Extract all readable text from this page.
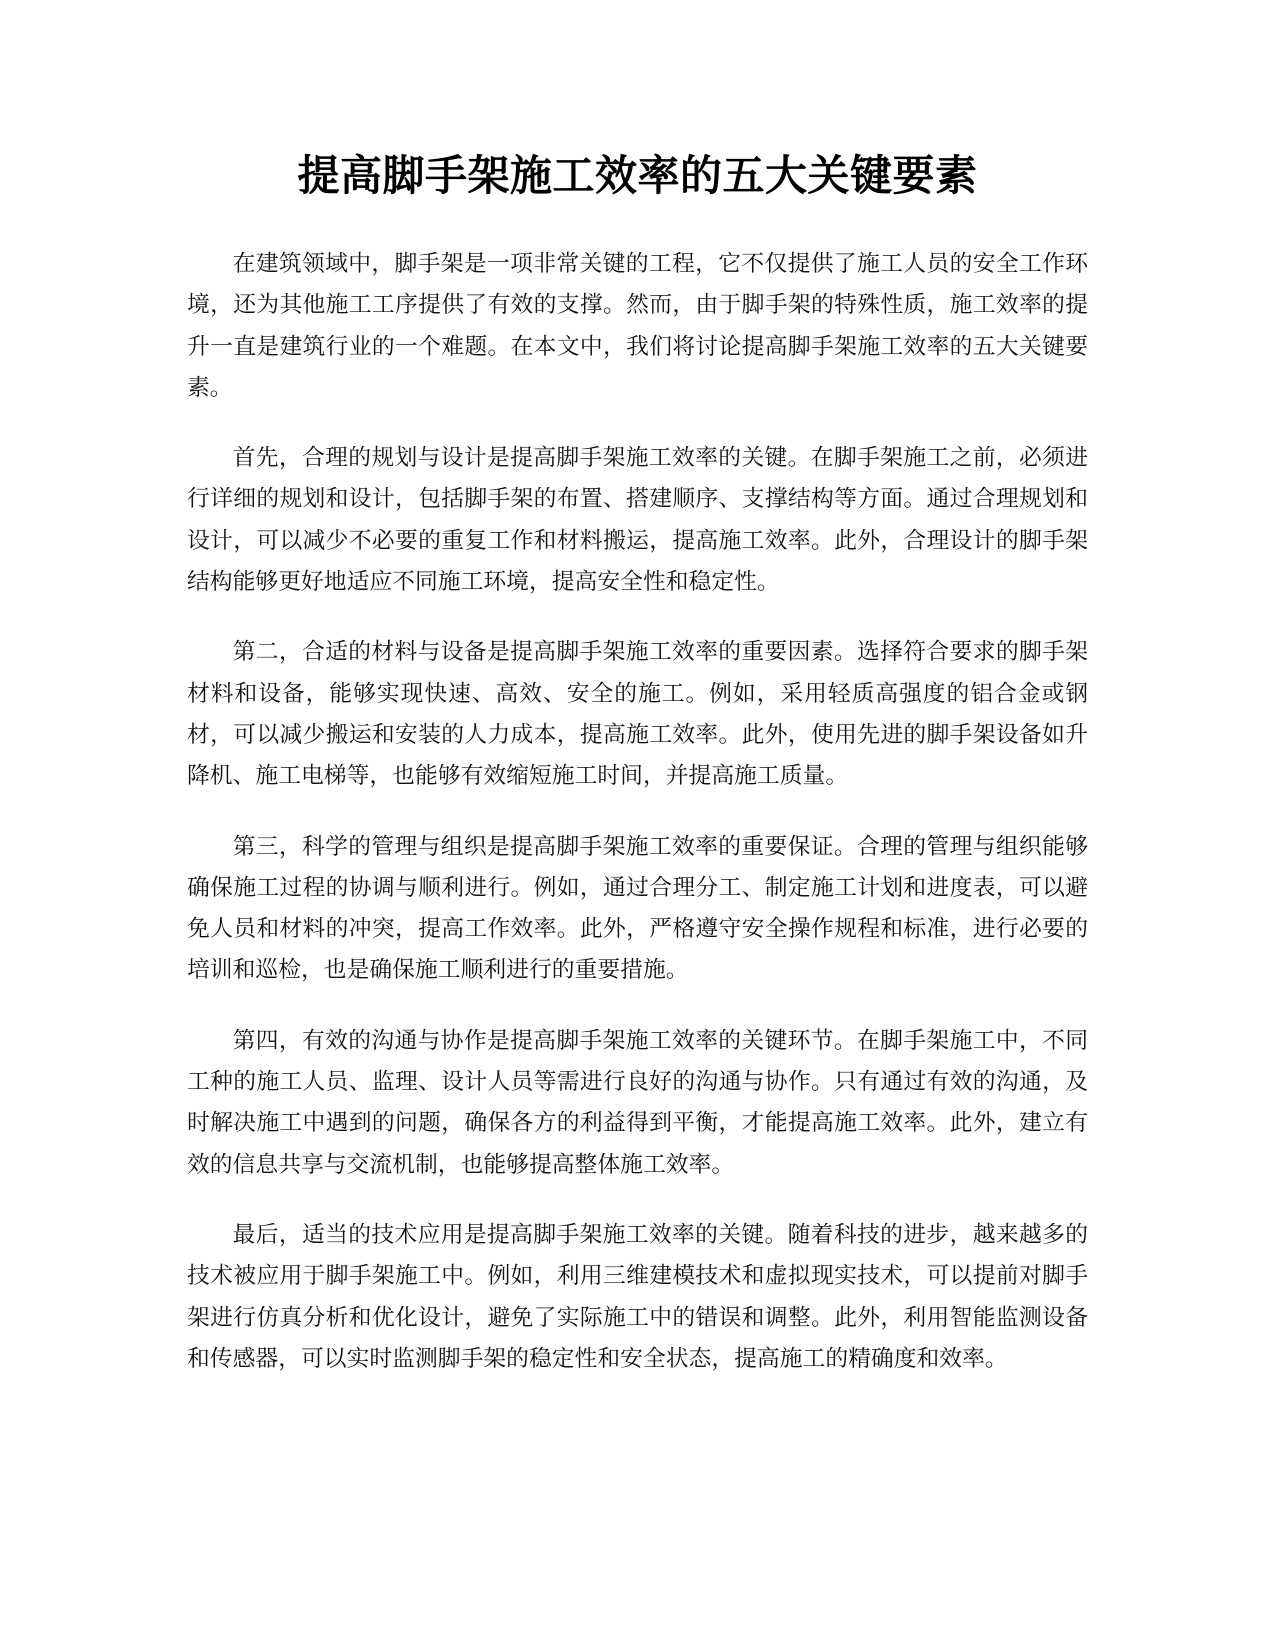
提高脚手架施工效率的五大关键要素

在建筑领域中，脚手架是一项非常关键的工程，它不仅提供了施工人员的安全工作环境，还为其他施工工序提供了有效的支撑。然而，由于脚手架的特殊性质，施工效率的提升一直是建筑行业的一个难题。在本文中，我们将讨论提高脚手架施工效率的五大关键要素。

首先，合理的规划与设计是提高脚手架施工效率的关键。在脚手架施工之前，必须进行详细的规划和设计，包括脚手架的布置、搭建顺序、支撑结构等方面。通过合理规划和设计，可以减少不必要的重复工作和材料搬运，提高施工效率。此外，合理设计的脚手架结构能够更好地适应不同施工环境，提高安全性和稳定性。

第二，合适的材料与设备是提高脚手架施工效率的重要因素。选择符合要求的脚手架材料和设备，能够实现快速、高效、安全的施工。例如，采用轻质高强度的铝合金或钢材，可以减少搬运和安装的人力成本，提高施工效率。此外，使用先进的脚手架设备如升降机、施工电梯等，也能够有效缩短施工时间，并提高施工质量。

第三，科学的管理与组织是提高脚手架施工效率的重要保证。合理的管理与组织能够确保施工过程的协调与顺利进行。例如，通过合理分工、制定施工计划和进度表，可以避免人员和材料的冲突，提高工作效率。此外，严格遵守安全操作规程和标准，进行必要的培训和巡检，也是确保施工顺利进行的重要措施。

第四，有效的沟通与协作是提高脚手架施工效率的关键环节。在脚手架施工中，不同工种的施工人员、监理、设计人员等需进行良好的沟通与协作。只有通过有效的沟通，及时解决施工中遇到的问题，确保各方的利益得到平衡，才能提高施工效率。此外，建立有效的信息共享与交流机制，也能够提高整体施工效率。

最后，适当的技术应用是提高脚手架施工效率的关键。随着科技的进步，越来越多的技术被应用于脚手架施工中。例如，利用三维建模技术和虚拟现实技术，可以提前对脚手架进行仿真分析和优化设计，避免了实际施工中的错误和调整。此外，利用智能监测设备和传感器，可以实时监测脚手架的稳定性和安全状态，提高施工的精确度和效率。
